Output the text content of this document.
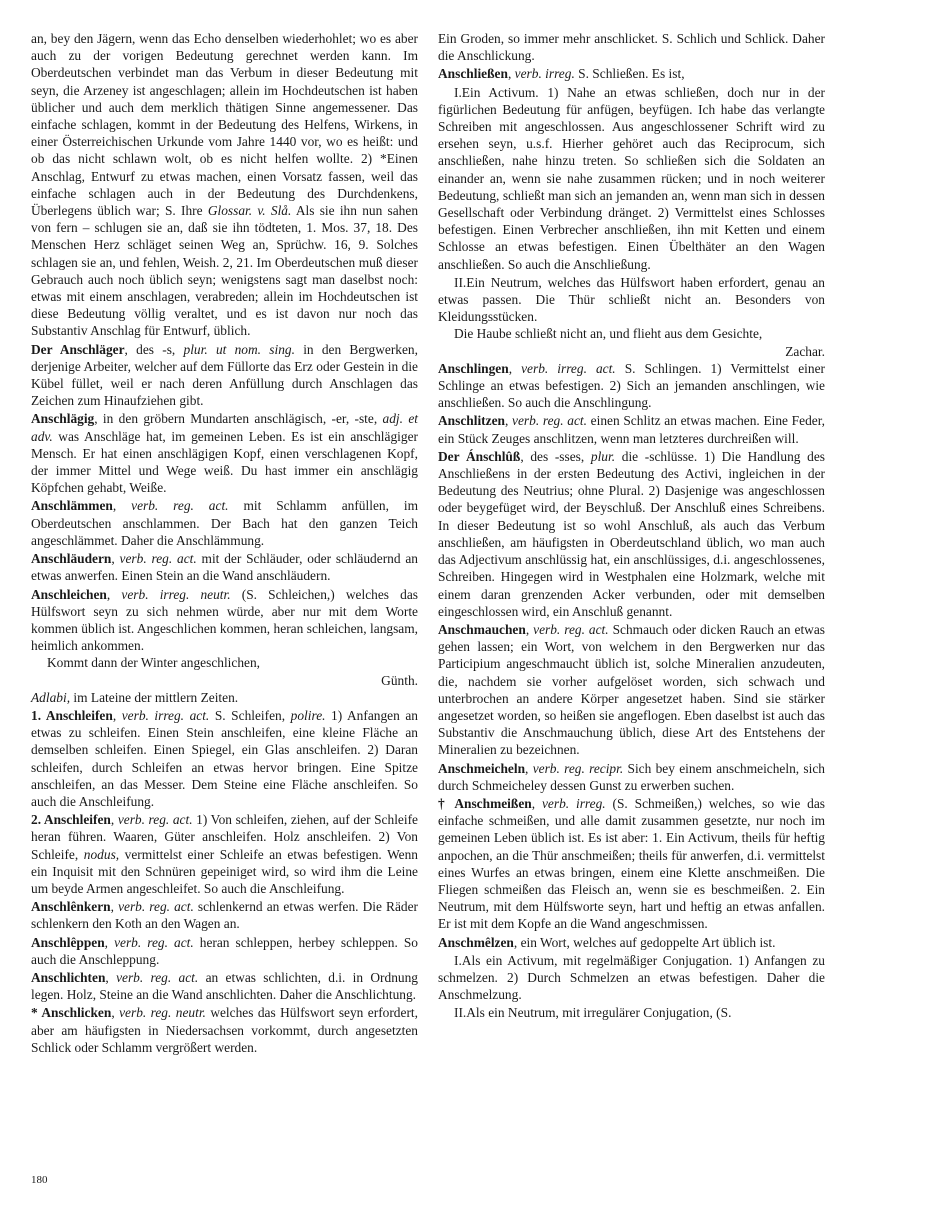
an, bey den Jägern, wenn das Echo denselben wiederhohlet; wo es aber auch zu der vorigen Bedeutung gerechnet werden kann. Im Oberdeutschen verbindet man das Verbum in dieser Bedeutung mit seyn, die Arzeney ist angeschlagen; allein im Hochdeutschen ist haben üblicher und auch dem merklich thätigen Sinne angemessener. Das einfache schlagen, kommt in der Bedeutung des Helfens, Wirkens, in einer Österreichischen Urkunde vom Jahre 1440 vor, wo es heißt: und ob das nicht schlawn wolt, ob es nicht helfen wollte. 2) *Einen Anschlag, Entwurf zu etwas machen, einen Vorsatz fassen, weil das einfache schlagen auch in der Bedeutung des Durchdenkens, Überlegens üblich war; S. Ihre Glossar. v. Slå. Als sie ihn nun sahen von fern – schlugen sie an, daß sie ihn tödteten, 1. Mos. 37, 18. Des Menschen Herz schläget seinen Weg an, Sprüchw. 16, 9. Solches schlagen sie an, und fehlen, Weish. 2, 21. Im Oberdeutschen muß dieser Gebrauch auch noch üblich seyn; wenigstens sagt man daselbst noch: etwas mit einem anschlagen, verabreden; allein im Hochdeutschen ist diese Bedeutung völlig veraltet, und es ist davon nur noch das Substantiv Anschlag für Entwurf, üblich.

Der Anschläger, des -s, plur. ut nom. sing. in den Bergwerken, derjenige Arbeiter, welcher auf dem Füllorte das Erz oder Gestein in die Kübel füllet, weil er nach deren Anfüllung durch Anschlagen das Zeichen zum Hinaufziehen gibt.

Anschlägig, in den gröbern Mundarten anschlägisch, -er, -ste, adj. et adv. was Anschläge hat, im gemeinen Leben. Es ist ein anschlägiger Mensch. Er hat einen anschlägigen Kopf, einen verschlagenen Kopf, der immer Mittel und Wege weiß. Du hast immer ein anschlägig Köpfchen gehabt, Weiße.

Anschlämmen, verb. reg. act. mit Schlamm anfüllen, im Oberdeutschen anschlammen. Der Bach hat den ganzen Teich angeschlämmet. Daher die Anschlämmung.

Anschläudern, verb. reg. act. mit der Schläuder, oder schläudernd an etwas anwerfen. Einen Stein an die Wand anschläudern.

Anschleichen, verb. irreg. neutr. (S. Schleichen,) welches das Hülfswort seyn zu sich nehmen würde, aber nur mit dem Worte kommen üblich ist. Angeschlichen kommen, heran schleichen, langsam, heimlich ankommen.

Kommt dann der Winter angeschlichen,

Günth.

Adlabi, im Lateine der mittlern Zeiten.

1. Anschleifen, verb. irreg. act. S. Schleifen, polire. 1) Anfangen an etwas zu schleifen. Einen Stein anschleifen, eine kleine Fläche an demselben schleifen. Einen Spiegel, ein Glas anschleifen. 2) Daran schleifen, durch Schleifen an etwas hervor bringen. Eine Spitze anschleifen, an das Messer. Dem Steine eine Fläche anschleifen. So auch die Anschleifung.

2. Anschleifen, verb. reg. act. 1) Von schleifen, ziehen, auf der Schleife heran führen. Waaren, Güter anschleifen. Holz anschleifen. 2) Von Schleife, nodus, vermittelst einer Schleife an etwas befestigen. Wenn ein Inquisit mit den Schnüren gepeiniget wird, so wird ihm die Leine um beyde Armen angeschleifet. So auch die Anschleifung.

Anschlênkern, verb. reg. act. schlenkernd an etwas werfen. Die Räder schlenkern den Koth an den Wagen an.

Anschlêppen, verb. reg. act. heran schleppen, herbey schleppen. So auch die Anschleppung.

Anschlichten, verb. reg. act. an etwas schlichten, d.i. in Ordnung legen. Holz, Steine an die Wand anschlichten. Daher die Anschlichtung.

* Anschlicken, verb. reg. neutr. welches das Hülfswort seyn erfordert, aber am häufigsten in Niedersachsen vorkommt, durch angesetzten Schlick oder Schlamm vergrößert werden.

Ein Groden, so immer mehr anschlicket. S. Schlich und Schlick. Daher die Anschlickung.

Anschließen, verb. irreg. S. Schließen. Es ist,

I.Ein Activum. 1) Nahe an etwas schließen, doch nur in der figürlichen Bedeutung für anfügen, beyfügen. Ich habe das verlangte Schreiben mit angeschlossen. Aus angeschlossener Schrift wird zu ersehen seyn, u.s.f. Hierher gehöret auch das Reciprocum, sich anschließen, nahe hinzu treten. So schließen sich die Soldaten an einander an, wenn sie nahe zusammen rücken; und in noch weiterer Bedeutung, schließt man sich an jemanden an, wenn man sich in dessen Gesellschaft oder Verbindung dränget. 2) Vermittelst eines Schlosses befestigen. Einen Verbrecher anschließen, ihn mit Ketten und einem Schlosse an etwas befestigen. Einen Übelthäter an den Wagen anschließen. So auch die Anschließung.

II.Ein Neutrum, welches das Hülfswort haben erfordert, genau an etwas passen. Die Thür schließt nicht an. Besonders von Kleidungsstücken.

Die Haube schließt nicht an, und flieht aus dem Gesichte,

Zachar.

Anschlingen, verb. irreg. act. S. Schlingen. 1) Vermittelst einer Schlinge an etwas befestigen. 2) Sich an jemanden anschlingen, wie anschließen. So auch die Anschlingung.

Anschlitzen, verb. reg. act. einen Schlitz an etwas machen. Eine Feder, ein Stück Zeuges anschlitzen, wenn man letzteres durchreißen will.

Der Ánschlûß, des -sses, plur. die -schlüsse. 1) Die Handlung des Anschließens in der ersten Bedeutung des Activi, ingleichen in der Bedeutung des Neutrius; ohne Plural. 2) Dasjenige was angeschlossen oder beygefüget wird, der Beyschluß. Der Anschluß eines Schreibens. In dieser Bedeutung ist so wohl Anschluß, als auch das Verbum anschließen, am häufigsten in Oberdeutschland üblich, wo man auch das Adjectivum anschlüssig hat, ein anschlüssiges, d.i. angeschlossenes, Schreiben. Hingegen wird in Westphalen eine Holzmark, welche mit einem daran grenzenden Acker verbunden, oder mit demselben eingeschlossen wird, ein Anschluß genannt.

Anschmauchen, verb. reg. act. Schmauch oder dicken Rauch an etwas gehen lassen; ein Wort, von welchem in den Bergwerken nur das Participium angeschmaucht üblich ist, solche Mineralien anzudeuten, die, nachdem sie vorher aufgelöset worden, sich schwach und unterbrochen an andere Körper angesetzet haben. Sind sie stärker angesetzet worden, so heißen sie angeflogen. Eben daselbst ist auch das Substantiv die Anschmauchung üblich, diese Art des Entstehens der Mineralien zu bezeichnen.

Anschmeicheln, verb. reg. recipr. Sich bey einem anschmeicheln, sich durch Schmeicheley dessen Gunst zu erwerben suchen.

† Anschmeißen, verb. irreg. (S. Schmeißen,) welches, so wie das einfache schmeißen, und alle damit zusammen gesetzte, nur noch im gemeinen Leben üblich ist. Es ist aber: 1. Ein Activum, theils für heftig anpochen, an die Thür anschmeißen; theils für anwerfen, d.i. vermittelst eines Wurfes an etwas bringen, einem eine Klette anschmeißen. Die Fliegen schmeißen das Fleisch an, wenn sie es beschmeißen. 2. Ein Neutrum, mit dem Hülfsworte seyn, hart und heftig an etwas anfallen. Er ist mit dem Kopfe an die Wand angeschmissen.

Anschmêlzen, ein Wort, welches auf gedoppelte Art üblich ist.

I.Als ein Activum, mit regelmäßiger Conjugation. 1) Anfangen zu schmelzen. 2) Durch Schmelzen an etwas befestigen. Daher die Anschmelzung.

II.Als ein Neutrum, mit irregulärer Conjugation, (S.

180
